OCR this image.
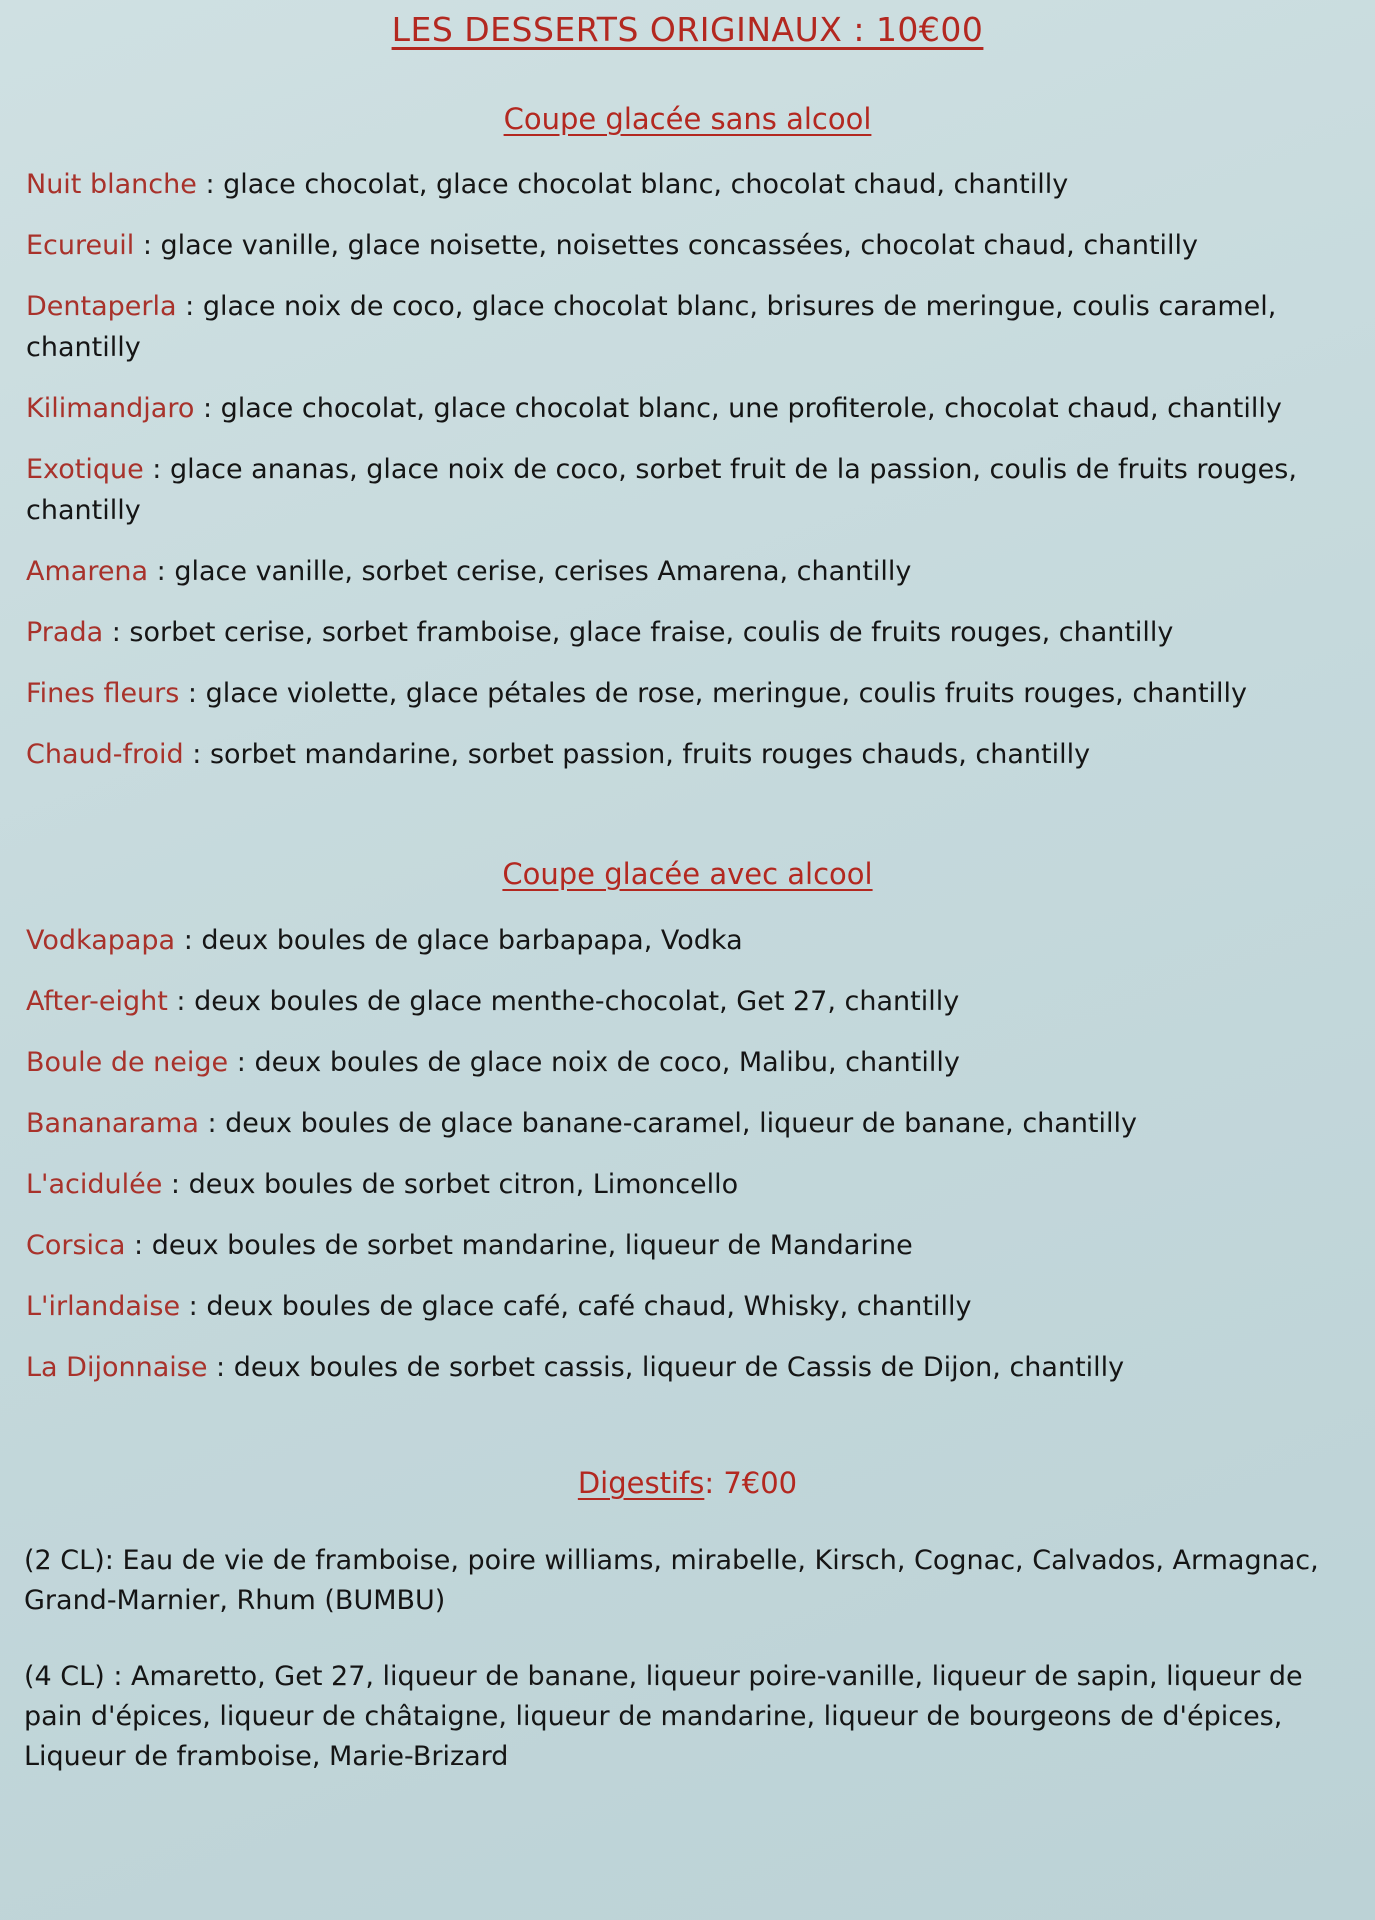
LES DESSERTS ORIGINAUX : 10€00
Coupe glacée sans alcool
Nuit blanche : glace chocolat, glace chocolat blanc, chocolat chaud, chantilly
Ecureuil : glace vanille, glace noisette, noisettes concassées, chocolat chaud, chantilly
Dentaperla : glace noix de coco, glace chocolat blanc, brisures de meringue, coulis caramel, chantilly
Kilimandjaro : glace chocolat, glace chocolat blanc, une profiterole, chocolat chaud, chantilly
Exotique : glace ananas, glace noix de coco, sorbet fruit de la passion, coulis de fruits rouges, chantilly
Amarena : glace vanille, sorbet cerise, cerises Amarena, chantilly
Prada : sorbet cerise, sorbet framboise, glace fraise, coulis de fruits rouges, chantilly
Fines fleurs : glace violette, glace pétales de rose, meringue, coulis fruits rouges, chantilly
Chaud-froid : sorbet mandarine, sorbet passion, fruits rouges chauds, chantilly
Coupe glacée avec alcool
Vodkapapa : deux boules de glace barbapapa, Vodka
After-eight : deux boules de glace menthe-chocolat, Get 27, chantilly
Boule de neige : deux boules de glace noix de coco, Malibu, chantilly
Bananarama : deux boules de glace banane-caramel, liqueur de banane, chantilly
L'acidulée : deux boules de sorbet citron, Limoncello
Corsica : deux boules de sorbet mandarine, liqueur de Mandarine
L'irlandaise : deux boules de glace café, café chaud, Whisky, chantilly
La Dijonnaise : deux boules de sorbet cassis, liqueur de Cassis de Dijon, chantilly
Digestifs: 7€00

(2 CL): Eau de vie de framboise, poire williams, mirabelle, Kirsch, Cognac, Calvados, Armagnac, Grand-Marnier, Rhum (BUMBU)

(4 CL) : Amaretto, Get 27, liqueur de banane, liqueur poire-vanille, liqueur de sapin, liqueur de pain d'épices, liqueur de châtaigne, liqueur de mandarine, liqueur de bourgeons de d'épices, Liqueur de framboise, Marie-Brizard
